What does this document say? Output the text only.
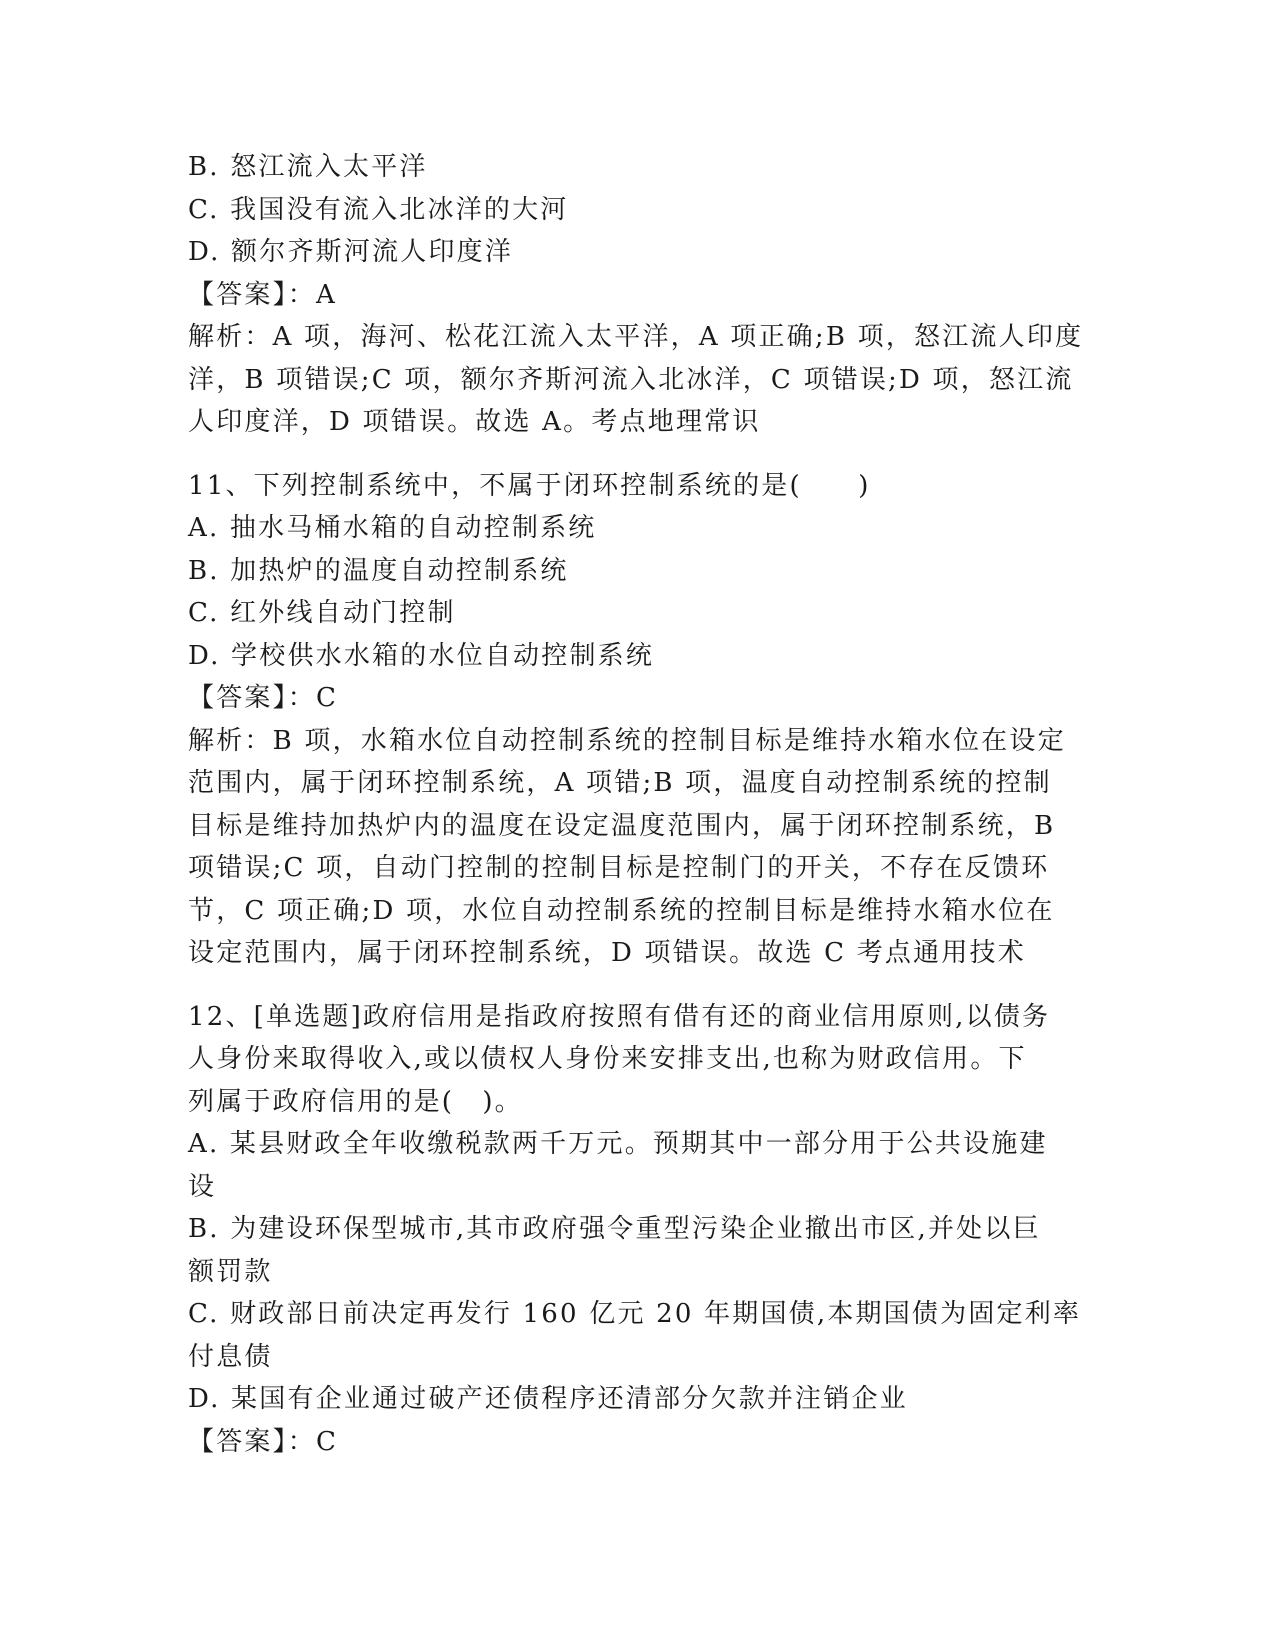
B. 怒江流入太平洋
C. 我国没有流入北冰洋的大河
D. 额尔齐斯河流人印度洋
【答案】：A
解析：A 项，海河、松花江流入太平洋，A 项正确;B 项，怒江流人印度
洋，B 项错误;C 项，额尔齐斯河流入北冰洋，C 项错误;D 项，怒江流
人印度洋，D 项错误。故选 A。考点地理常识
11、下列控制系统中，不属于闭环控制系统的是(　　)
A. 抽水马桶水箱的自动控制系统
B. 加热炉的温度自动控制系统
C. 红外线自动门控制
D. 学校供水水箱的水位自动控制系统
【答案】：C
解析：B 项，水箱水位自动控制系统的控制目标是维持水箱水位在设定
范围内，属于闭环控制系统，A 项错;B 项，温度自动控制系统的控制
目标是维持加热炉内的温度在设定温度范围内，属于闭环控制系统，B
项错误;C 项，自动门控制的控制目标是控制门的开关，不存在反馈环
节，C 项正确;D 项，水位自动控制系统的控制目标是维持水箱水位在
设定范围内，属于闭环控制系统，D 项错误。故选 C 考点通用技术
12、[单选题]政府信用是指政府按照有借有还的商业信用原则,以债务
人身份来取得收入,或以债权人身份来安排支出,也称为财政信用。下
列属于政府信用的是(　)。
A. 某县财政全年收缴税款两千万元。预期其中一部分用于公共设施建
设
B. 为建设环保型城市,其市政府强令重型污染企业撤出市区,并处以巨
额罚款
C. 财政部日前决定再发行 160 亿元 20 年期国债,本期国债为固定利率
付息债
D. 某国有企业通过破产还债程序还清部分欠款并注销企业
【答案】：C
